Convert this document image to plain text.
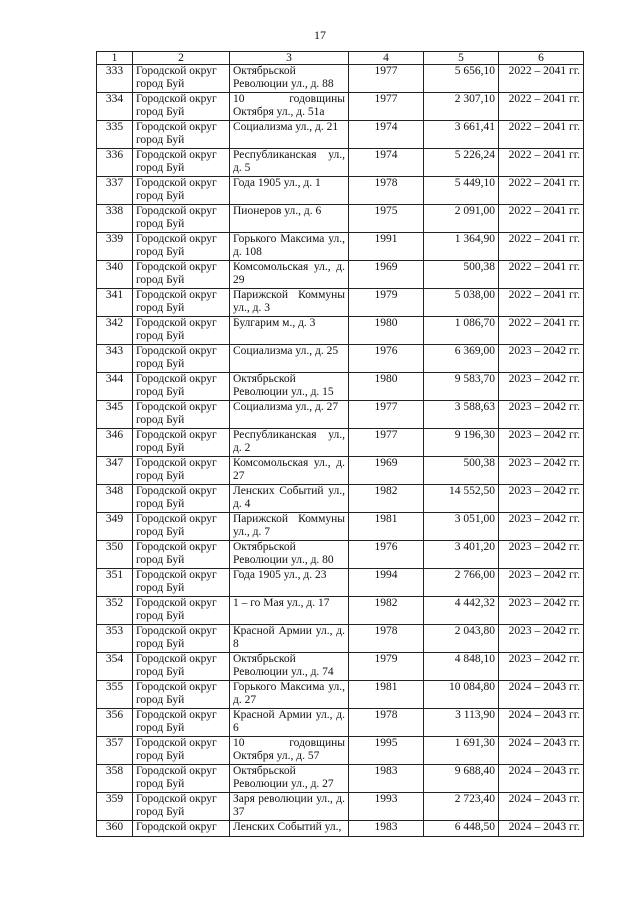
17
1	2	3	4	5	6
333	Городской округ город Буй	Октябрьской Революции ул., д. 88	1977	5 656,10	2022 – 2041 гг.
334	Городской округ город Буй	10 годовщины Октября ул., д. 51а	1977	2 307,10	2022 – 2041 гг.
335	Городской округ город Буй	Социализма ул., д. 21	1974	3 661,41	2022 – 2041 гг.
336	Городской округ город Буй	Республиканская ул., д. 5	1974	5 226,24	2022 – 2041 гг.
337	Городской округ город Буй	Года 1905 ул., д. 1	1978	5 449,10	2022 – 2041 гг.
338	Городской округ город Буй	Пионеров ул., д. 6	1975	2 091,00	2022 – 2041 гг.
339	Городской округ город Буй	Горького Максима ул., д. 108	1991	1 364,90	2022 – 2041 гг.
340	Городской округ город Буй	Комсомольская ул., д. 29	1969	500,38	2022 – 2041 гг.
341	Городской округ город Буй	Парижской Коммуны ул., д. 3	1979	5 038,00	2022 – 2041 гг.
342	Городской округ город Буй	Булгарим м., д. 3	1980	1 086,70	2022 – 2041 гг.
343	Городской округ город Буй	Социализма ул., д. 25	1976	6 369,00	2023 – 2042 гг.
344	Городской округ город Буй	Октябрьской Революции ул., д. 15	1980	9 583,70	2023 – 2042 гг.
345	Городской округ город Буй	Социализма ул., д. 27	1977	3 588,63	2023 – 2042 гг.
346	Городской округ город Буй	Республиканская ул., д. 2	1977	9 196,30	2023 – 2042 гг.
347	Городской округ город Буй	Комсомольская ул., д. 27	1969	500,38	2023 – 2042 гг.
348	Городской округ город Буй	Ленских Событий ул., д. 4	1982	14 552,50	2023 – 2042 гг.
349	Городской округ город Буй	Парижской Коммуны ул., д. 7	1981	3 051,00	2023 – 2042 гг.
350	Городской округ город Буй	Октябрьской Революции ул., д. 80	1976	3 401,20	2023 – 2042 гг.
351	Городской округ город Буй	Года 1905 ул., д. 23	1994	2 766,00	2023 – 2042 гг.
352	Городской округ город Буй	1 – го Мая ул., д. 17	1982	4 442,32	2023 – 2042 гг.
353	Городской округ город Буй	Красной Армии ул., д. 8	1978	2 043,80	2023 – 2042 гг.
354	Городской округ город Буй	Октябрьской Революции ул., д. 74	1979	4 848,10	2023 – 2042 гг.
355	Городской округ город Буй	Горького Максима ул., д. 27	1981	10 084,80	2024 – 2043 гг.
356	Городской округ город Буй	Красной Армии ул., д. 6	1978	3 113,90	2024 – 2043 гг.
357	Городской округ город Буй	10 годовщины Октября ул., д. 57	1995	1 691,30	2024 – 2043 гг.
358	Городской округ город Буй	Октябрьской Революции ул., д. 27	1983	9 688,40	2024 – 2043 гг.
359	Городской округ город Буй	Заря революции ул., д. 37	1993	2 723,40	2024 – 2043 гг.
360	Городской округ	Ленских Событий ул.,	1983	6 448,50	2024 – 2043 гг.
